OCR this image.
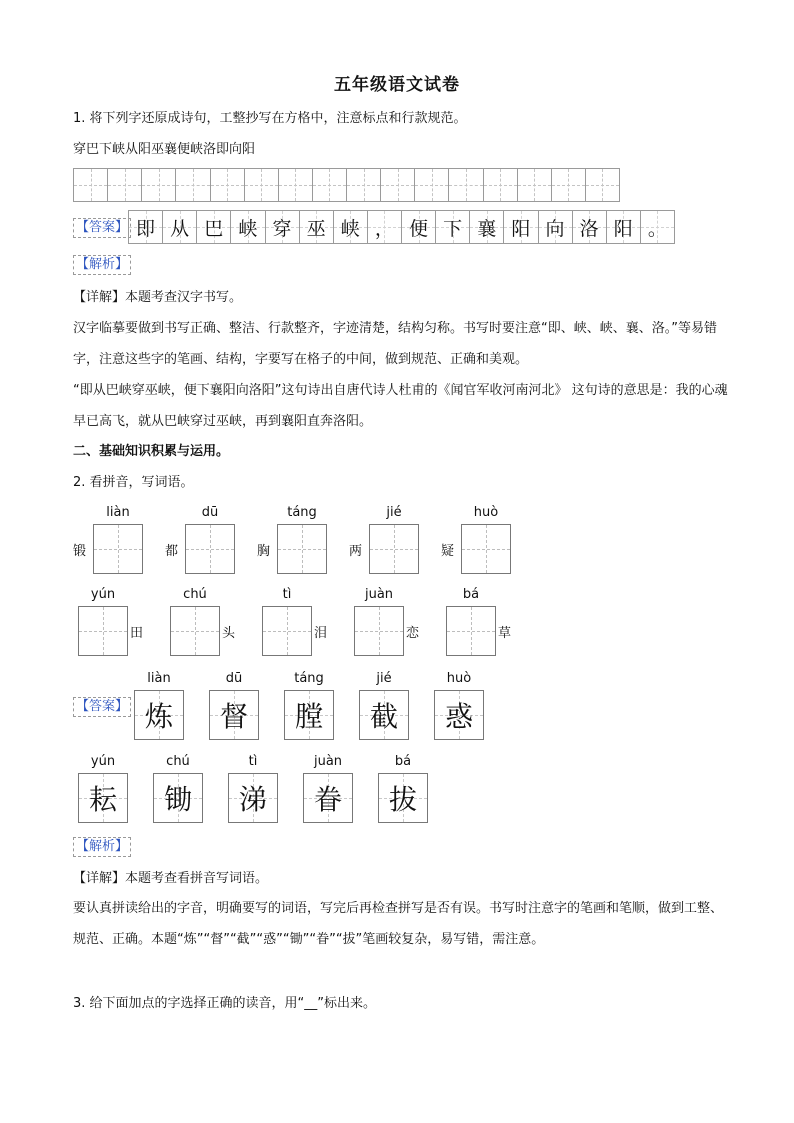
五年级语文试卷
1. 将下列字还原成诗句，工整抄写在方格中，注意标点和行款规范。
穿巴下峡从阳巫襄便峡洛即向阳
【答案】 即 从 巴 峡 穿 巫 峡 ， 便 下 襄 阳 向 洛 阳 。
【解析】
【详解】本题考查汉字书写。
汉字临摹要做到书写正确、整洁、行款整齐，字迹清楚，结构匀称。书写时要注意“即、峡、峡、襄、洛。”等易错字，注意这些字的笔画、结构，字要写在格子的中间，做到规范、正确和美观。
“即从巴峡穿巫峡，便下襄阳向洛阳”这句诗出自唐代诗人杜甫的《闻官军收河南河北》 这句诗的意思是：我的心魂早已高飞，就从巴峡穿过巫峡，再到襄阳直奔洛阳。
二、基础知识积累与运用。
2. 看拼音，写词语。
liàn
锻
dū
都
táng
胸
jié
两
huò
疑
yún
田
chú
头
tì
泪
juàn
恋
bá
草
【答案】
liàn
炼
dū
督
táng
膛
jié
截
huò
惑
yún
耘
chú
锄
tì
涕
juàn
眷
bá
拔
【解析】
【详解】本题考查看拼音写词语。
要认真拼读给出的字音，明确要写的词语，写完后再检查拼写是否有误。书写时注意字的笔画和笔顺，做到工整、规范、正确。本题“炼”“督”“截”“惑”“锄”“眷”“拔”笔画较复杂，易写错，需注意。
3. 给下面加点的字选择正确的读音，用“__”标出来。
